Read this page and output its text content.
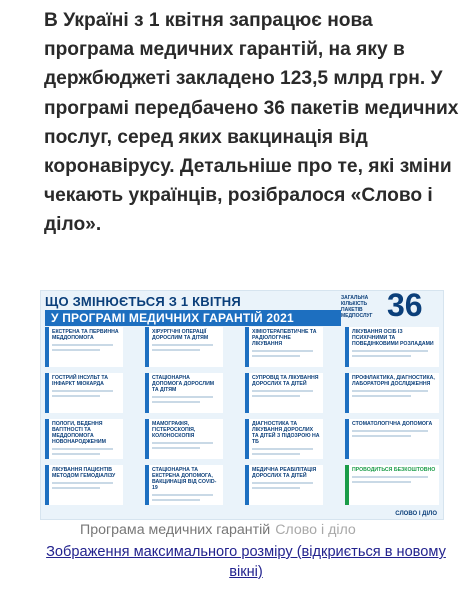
В Україні з 1 квітня запрацює нова програма медичних гарантій, на яку в держбюджеті закладено 123,5 млрд грн. У програмі передбачено 36 пакетів медичних послуг, серед яких вакцинація від коронавірусу. Детальніше про те, які зміни чекають українців, розібралося «Слово і діло».
ЩО ЗМІНЮЄТЬСЯ З 1 КВІТНЯ
У ПРОГРАМІ МЕДИЧНИХ ГАРАНТІЙ 2021
ЗАГАЛЬНА КІЛЬКІСТЬ ПАКЕТІВ МЕДПОСЛУГ 36
ЕКСТРЕНА ТА ПЕРВИННА МЕДДОПОМОГА
ХІРУРГІЧНІ ОПЕРАЦІЇ ДОРОСЛИМ ТА ДІТЯМ
ХІМІОТЕРАПЕВТИЧНЕ ТА РАДІОЛОГІЧНЕ ЛІКУВАННЯ
ЛІКУВАННЯ ОСІБ ІЗ ПСИХІЧНИМИ ТА ПОВЕДІНКОВИМИ РОЗЛАДАМИ
ГОСТРИЙ ІНСУЛЬТ ТА ІНФАРКТ МІОКАРДА
СТАЦІОНАРНА ДОПОМОГА ДОРОСЛИМ ТА ДІТЯМ
СУПРОВІД ТА ЛІКУВАННЯ ДОРОСЛИХ ТА ДІТЕЙ
ПРОФІЛАКТИКА, ДІАГНОСТИКА, ЛАБОРАТОРНІ ДОСЛІДЖЕННЯ
ПОЛОГИ, ВЕДЕННЯ ВАГІТНОСТІ ТА МЕДДОПОМОГА НОВОНАРОДЖЕНИМ
МАМОГРАФІЯ, ГІСТЕРОСКОПІЯ, КОЛОНОСКОПІЯ
ДІАГНОСТИКА ТА ЛІКУВАННЯ ДОРОСЛИХ ТА ДІТЕЙ З ПІДОЗРОЮ НА ТБ
СТОМАТОЛОГІЧНА ДОПОМОГА
ЛІКУВАННЯ ПАЦІЄНТІВ МЕТОДОМ ГЕМОДІАЛІЗУ
СТАЦІОНАРНА ТА ЕКСТРЕНА ДОПОМОГА, ВАКЦИНАЦІЯ ВІД COVID-19
МЕДИЧНА РЕАБІЛІТАЦІЯ ДОРОСЛИХ ТА ДІТЕЙ
ПРОВОДИТЬСЯ БЕЗКОШТОВНО
СЛОВО І ДІЛО
Програма медичних гарантій Слово і діло
Зображення максимального розміру (відкриється в новому вікні)
